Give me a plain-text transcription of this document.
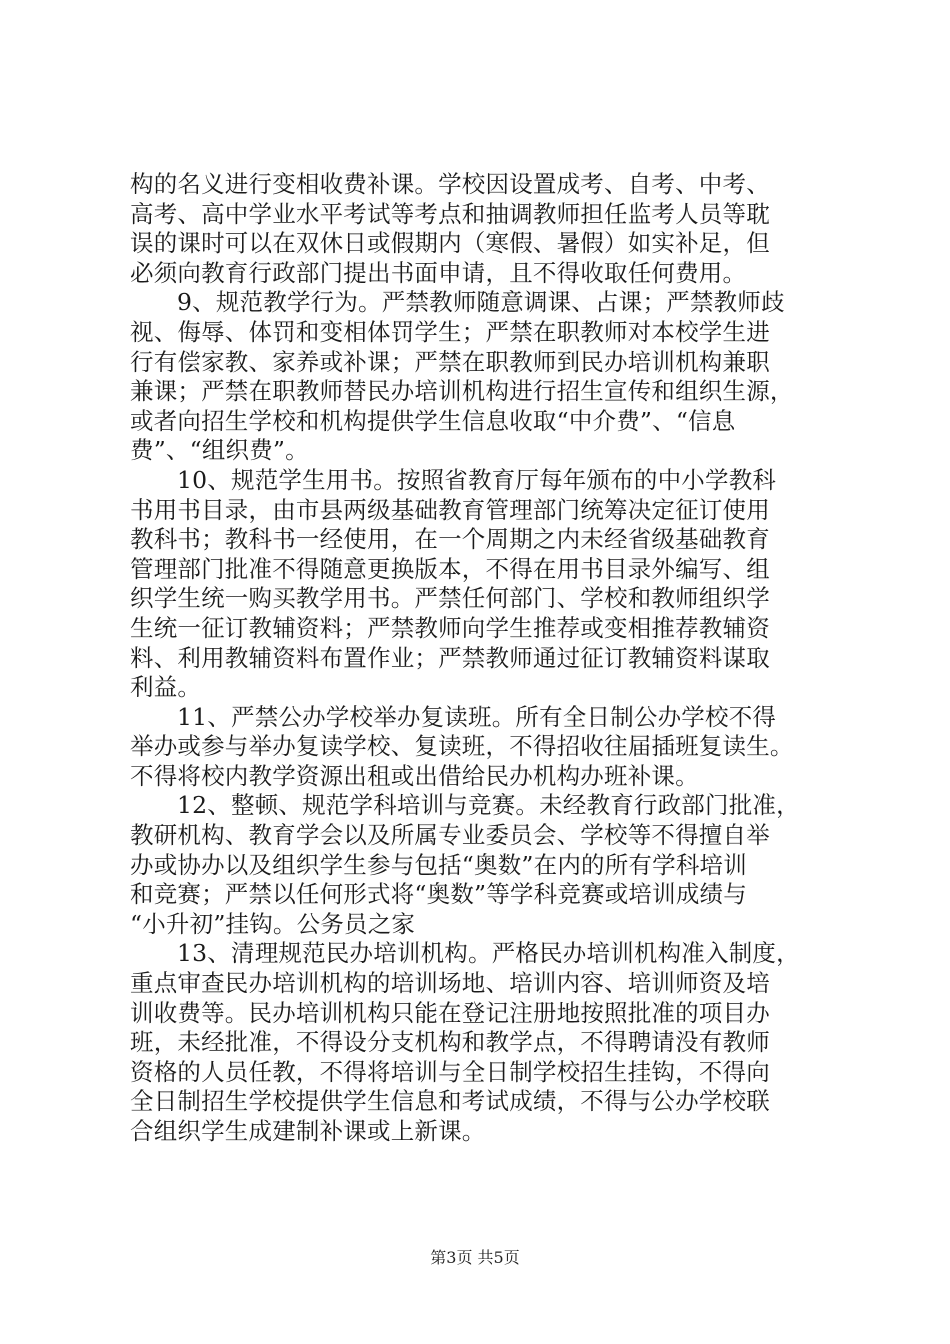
构的名义进行变相收费补课。学校因设置成考、自考、中考、
高考、高中学业水平考试等考点和抽调教师担任监考人员等耽
误的课时可以在双休日或假期内（寒假、暑假）如实补足，但
必须向教育行政部门提出书面申请，且不得收取任何费用。
9、规范教学行为。严禁教师随意调课、占课；严禁教师歧
视、侮辱、体罚和变相体罚学生；严禁在职教师对本校学生进
行有偿家教、家养或补课；严禁在职教师到民办培训机构兼职
兼课；严禁在职教师替民办培训机构进行招生宣传和组织生源，
或者向招生学校和机构提供学生信息收取“中介费”、“信息
费”、“组织费”。
10、规范学生用书。按照省教育厅每年颁布的中小学教科
书用书目录，由市县两级基础教育管理部门统筹决定征订使用
教科书；教科书一经使用，在一个周期之内未经省级基础教育
管理部门批准不得随意更换版本，不得在用书目录外编写、组
织学生统一购买教学用书。严禁任何部门、学校和教师组织学
生统一征订教辅资料；严禁教师向学生推荐或变相推荐教辅资
料、利用教辅资料布置作业；严禁教师通过征订教辅资料谋取
利益。
11、严禁公办学校举办复读班。所有全日制公办学校不得
举办或参与举办复读学校、复读班，不得招收往届插班复读生。
不得将校内教学资源出租或出借给民办机构办班补课。
12、整顿、规范学科培训与竞赛。未经教育行政部门批准，
教研机构、教育学会以及所属专业委员会、学校等不得擅自举
办或协办以及组织学生参与包括“奥数”在内的所有学科培训
和竞赛；严禁以任何形式将“奥数”等学科竞赛或培训成绩与
“小升初”挂钩。公务员之家
13、清理规范民办培训机构。严格民办培训机构准入制度，
重点审查民办培训机构的培训场地、培训内容、培训师资及培
训收费等。民办培训机构只能在登记注册地按照批准的项目办
班，未经批准，不得设分支机构和教学点，不得聘请没有教师
资格的人员任教，不得将培训与全日制学校招生挂钩，不得向
全日制招生学校提供学生信息和考试成绩，不得与公办学校联
合组织学生成建制补课或上新课。
第3页 共5页
